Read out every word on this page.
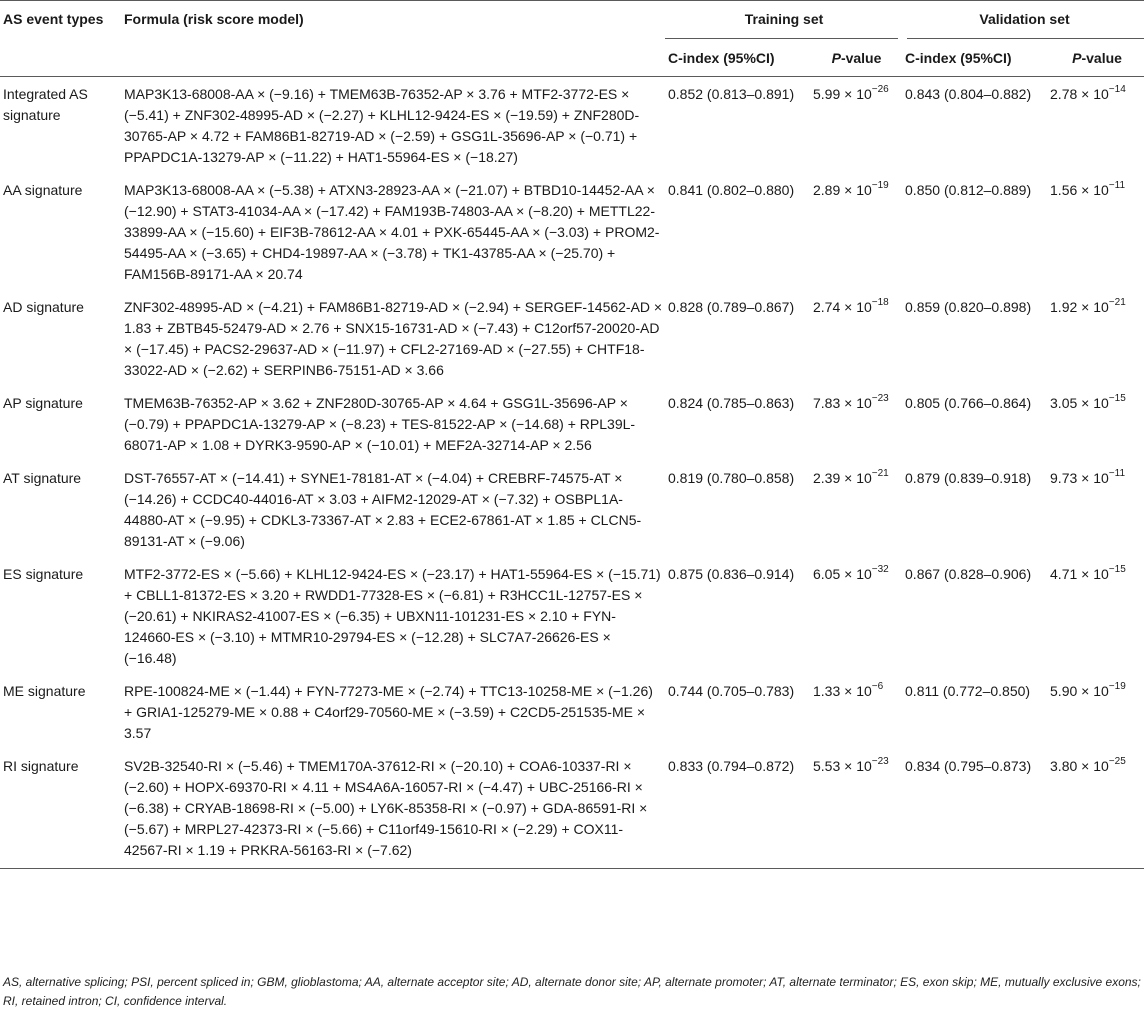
AS event types	Formula (risk score model)	Training set		Validation set	
		C-index (95%CI)	P-value	C-index (95%CI)	P-value
Integrated AS signature	MAP3K13-68008-AA × (−9.16) + TMEM63B-76352-AP × 3.76 + MTF2-3772-ES × (−5.41) + ZNF302-48995-AD × (−2.27) + KLHL12-9424-ES × (−19.59) + ZNF280D-30765-AP × 4.72 + FAM86B1-82719-AD × (−2.59) + GSG1L-35696-AP × (−0.71) + PPAPDC1A-13279-AP × (−11.22) + HAT1-55964-ES × (−18.27)	0.852 (0.813–0.891)	$5.99 \times 10^{-26}$	0.843 (0.804–0.882)	$2.78 \times 10^{-14}$
AA signature	MAP3K13-68008-AA × (−5.38) + ATXN3-28923-AA × (−21.07) + BTBD10-14452-AA × (−12.90) + STAT3-41034-AA × (−17.42) + FAM193B-74803-AA × (−8.20) + METTL22-33899-AA × (−15.60) + EIF3B-78612-AA × 4.01 + PXK-65445-AA × (−3.03) + PROM2-54495-AA × (−3.65) + CHD4-19897-AA × (−3.78) + TK1-43785-AA × (−25.70) + FAM156B-89171-AA × 20.74	0.841 (0.802–0.880)	$2.89 \times 10^{-19}$	0.850 (0.812–0.889)	$1.56 \times 10^{-11}$
AD signature	ZNF302-48995-AD × (−4.21) + FAM86B1-82719-AD × (−2.94) + SERGEF-14562-AD × 1.83 + ZBTB45-52479-AD × 2.76 + SNX15-16731-AD × (−7.43) + C12orf57-20020-AD × (−17.45) + PACS2-29637-AD × (−11.97) + CFL2-27169-AD × (−27.55) + CHTF18-33022-AD × (−2.62) + SERPINB6-75151-AD × 3.66	0.828 (0.789–0.867)	$2.74 \times 10^{-18}$	0.859 (0.820–0.898)	$1.92 \times 10^{-21}$
AP signature	TMEM63B-76352-AP × 3.62 + ZNF280D-30765-AP × 4.64 + GSG1L-35696-AP × (−0.79) + PPAPDC1A-13279-AP × (−8.23) + TES-81522-AP × (−14.68) + RPL39L-68071-AP × 1.08 + DYRK3-9590-AP × (−10.01) + MEF2A-32714-AP × 2.56	0.824 (0.785–0.863)	$7.83 \times 10^{-23}$	0.805 (0.766–0.864)	$3.05 \times 10^{-15}$
AT signature	DST-76557-AT × (−14.41) + SYNE1-78181-AT × (−4.04) + CREBRF-74575-AT × (−14.26) + CCDC40-44016-AT × 3.03 + AIFM2-12029-AT × (−7.32) + OSBPL1A-44880-AT × (−9.95) + CDKL3-73367-AT × 2.83 + ECE2-67861-AT × 1.85 + CLCN5-89131-AT × (−9.06)	0.819 (0.780–0.858)	$2.39 \times 10^{-21}$	0.879 (0.839–0.918)	$9.73 \times 10^{-11}$
ES signature	MTF2-3772-ES × (−5.66) + KLHL12-9424-ES × (−23.17) + HAT1-55964-ES × (−15.71) + CBLL1-81372-ES × 3.20 + RWDD1-77328-ES × (−6.81) + R3HCC1L-12757-ES × (−20.61) + NKIRAS2-41007-ES × (−6.35) + UBXN11-101231-ES × 2.10 + FYN-124660-ES × (−3.10) + MTMR10-29794-ES × (−12.28) + SLC7A7-26626-ES × (−16.48)	0.875 (0.836–0.914)	$6.05 \times 10^{-32}$	0.867 (0.828–0.906)	$4.71 \times 10^{-15}$
ME signature	RPE-100824-ME × (−1.44) + FYN-77273-ME × (−2.74) + TTC13-10258-ME × (−1.26) + GRIA1-125279-ME × 0.88 + C4orf29-70560-ME × (−3.59) + C2CD5-251535-ME × 3.57	0.744 (0.705–0.783)	$1.33 \times 10^{-6}$	0.811 (0.772–0.850)	$5.90 \times 10^{-19}$
RI signature	SV2B-32540-RI × (−5.46) + TMEM170A-37612-RI × (−20.10) + COA6-10337-RI × (−2.60) + HOPX-69370-RI × 4.11 + MS4A6A-16057-RI × (−4.47) + UBC-25166-RI × (−6.38) + CRYAB-18698-RI × (−5.00) + LY6K-85358-RI × (−0.97) + GDA-86591-RI × (−5.67) + MRPL27-42373-RI × (−5.66) + C11orf49-15610-RI × (−2.29) + COX11-42567-RI × 1.19 + PRKRA-56163-RI × (−7.62)	0.833 (0.794–0.872)	$5.53 \times 10^{-23}$	0.834 (0.795–0.873)	$3.80 \times 10^{-25}$
AS, alternative splicing; PSI, percent spliced in; GBM, glioblastoma; AA, alternate acceptor site; AD, alternate donor site; AP, alternate promoter; AT, alternate terminator; ES, exon skip; ME, mutually exclusive exons; RI, retained intron; CI, confidence interval.
